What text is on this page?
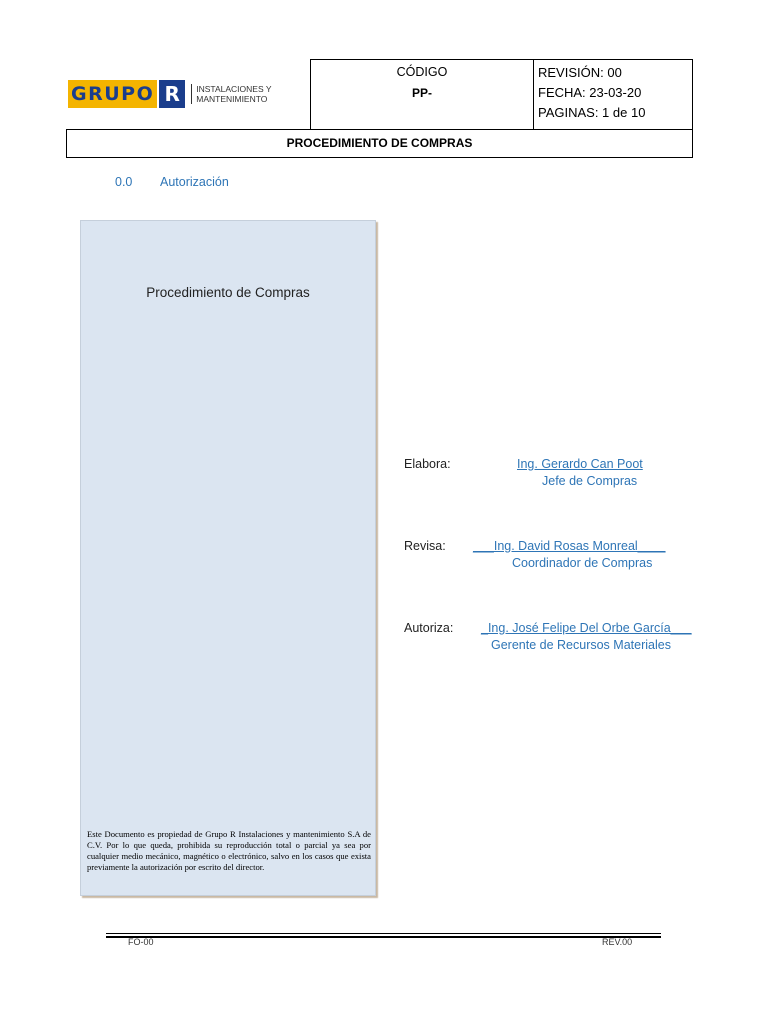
GRUPO R	INSTALACIONES Y
MANTENIMIENTO
CÓDIGO
PP-
REVISIÓN: 00
FECHA: 23-03-20
PAGINAS: 1 de 10
PROCEDIMIENTO DE COMPRAS
0.0 Autorización
Procedimiento de Compras
Este Documento es propiedad de Grupo R Instalaciones y mantenimiento S.A de C.V. Por lo que queda, prohibida su reproducción total o parcial ya sea por cualquier medio mecánico, magnético o electrónico, salvo en los casos que exista previamente la autorización por escrito del director.
Elabora:	Ing. Gerardo Can Poot
Jefe de Compras
Revisa: ___Ing. David Rosas Monreal____
Coordinador de Compras
Autoriza: _Ing. José Felipe Del Orbe García___
Gerente de Recursos Materiales
FO-00	REV.00
